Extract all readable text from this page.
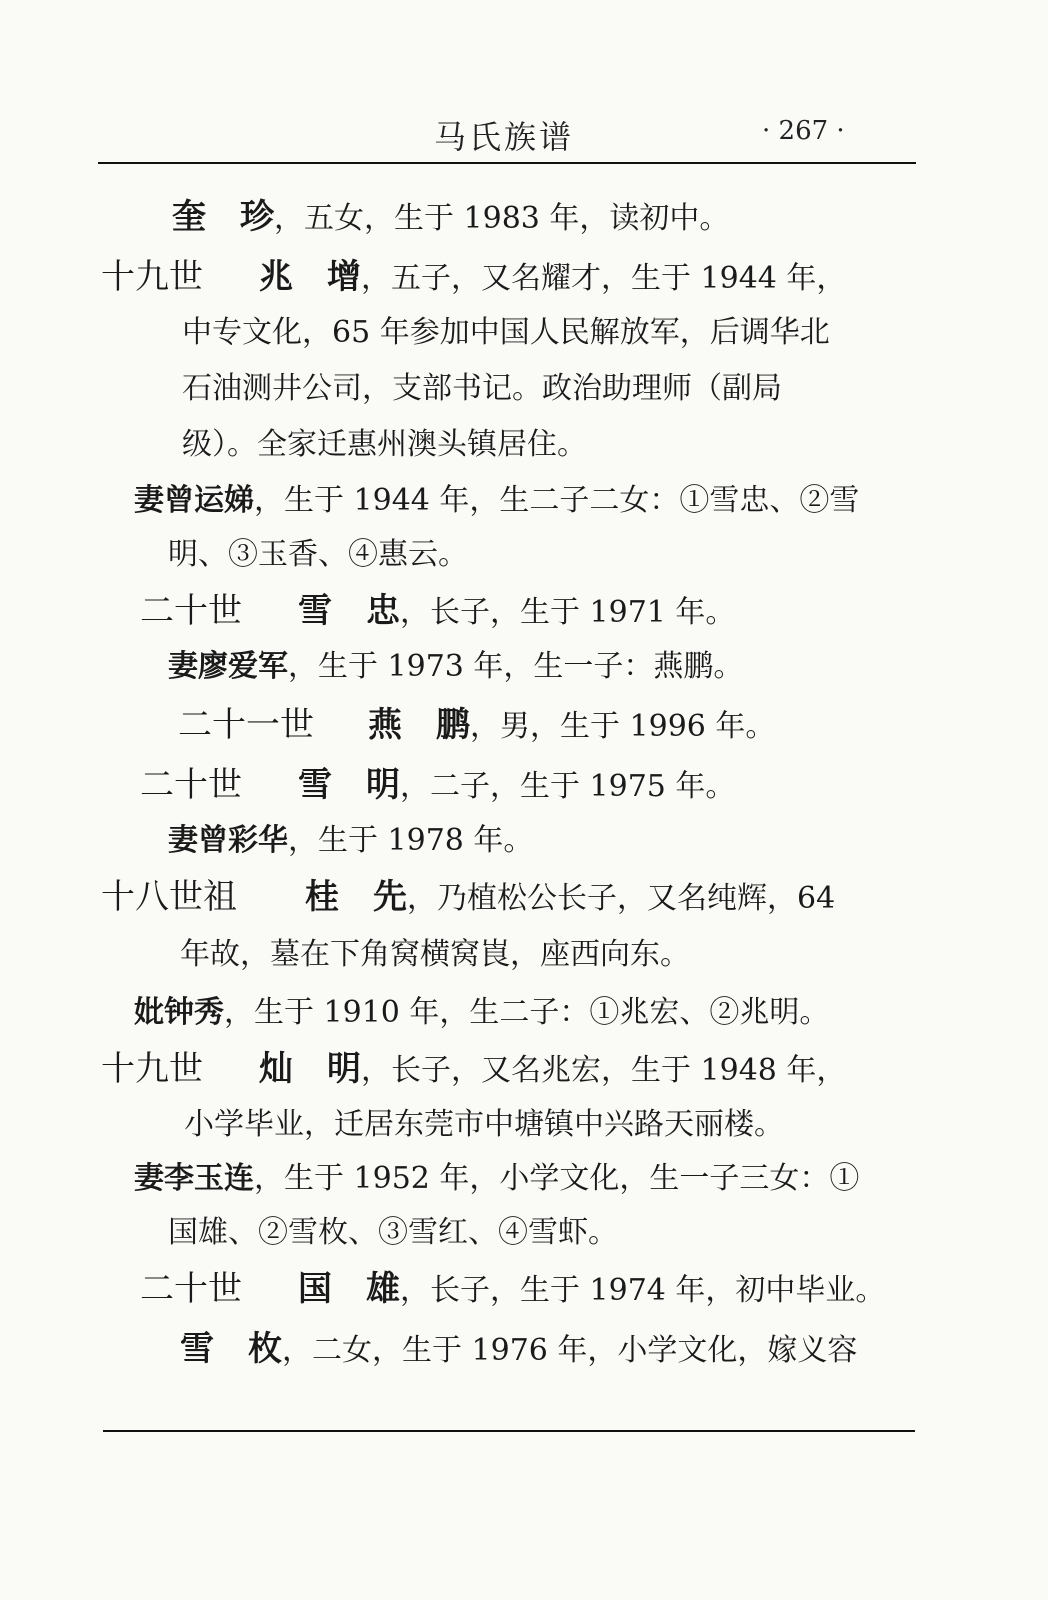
马氏族谱	· 267 ·
奎　珍，五女，生于 1983 年，读初中。
十九世 兆　增，五子，又名耀才，生于 1944 年，
中专文化，65 年参加中国人民解放军，后调华北
石油测井公司，支部书记。政治助理师（副局
级）。全家迁惠州澳头镇居住。
妻曾运娣，生于 1944 年，生二子二女：①雪忠、②雪
明、③玉香、④惠云。
二十世 雪　忠，长子，生于 1971 年。
妻廖爱军，生于 1973 年，生一子：燕鹏。
二十一世 燕　鹏，男，生于 1996 年。
二十世 雪　明，二子，生于 1975 年。
妻曾彩华，生于 1978 年。
十八世祖 桂　先，乃植松公长子，又名纯辉，64
年故，墓在下角窝横窝崀，座西向东。
妣钟秀，生于 1910 年，生二子：①兆宏、②兆明。
十九世 灿　明，长子，又名兆宏，生于 1948 年，
小学毕业，迁居东莞市中塘镇中兴路天丽楼。
妻李玉连，生于 1952 年，小学文化，生一子三女：①
国雄、②雪枚、③雪红、④雪虾。
二十世 国　雄，长子，生于 1974 年，初中毕业。
雪　枚，二女，生于 1976 年，小学文化，嫁义容
